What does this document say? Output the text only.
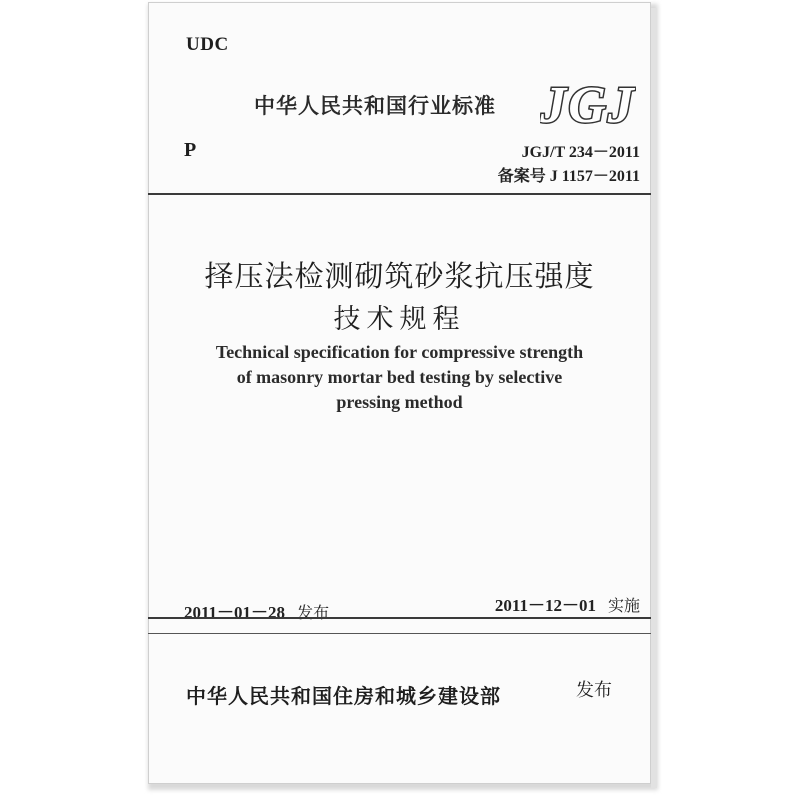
UDC
中华人民共和国行业标准 JGJ
P	JGJ/T 234－2011
备案号 J 1157－2011
择压法检测砌筑砂浆抗压强度
技术规程
Technical specification for compressive strength
of masonry mortar bed testing by selective
pressing method
2011－01－28 发布	2011－12－01 实施
中华人民共和国住房和城乡建设部	发布
